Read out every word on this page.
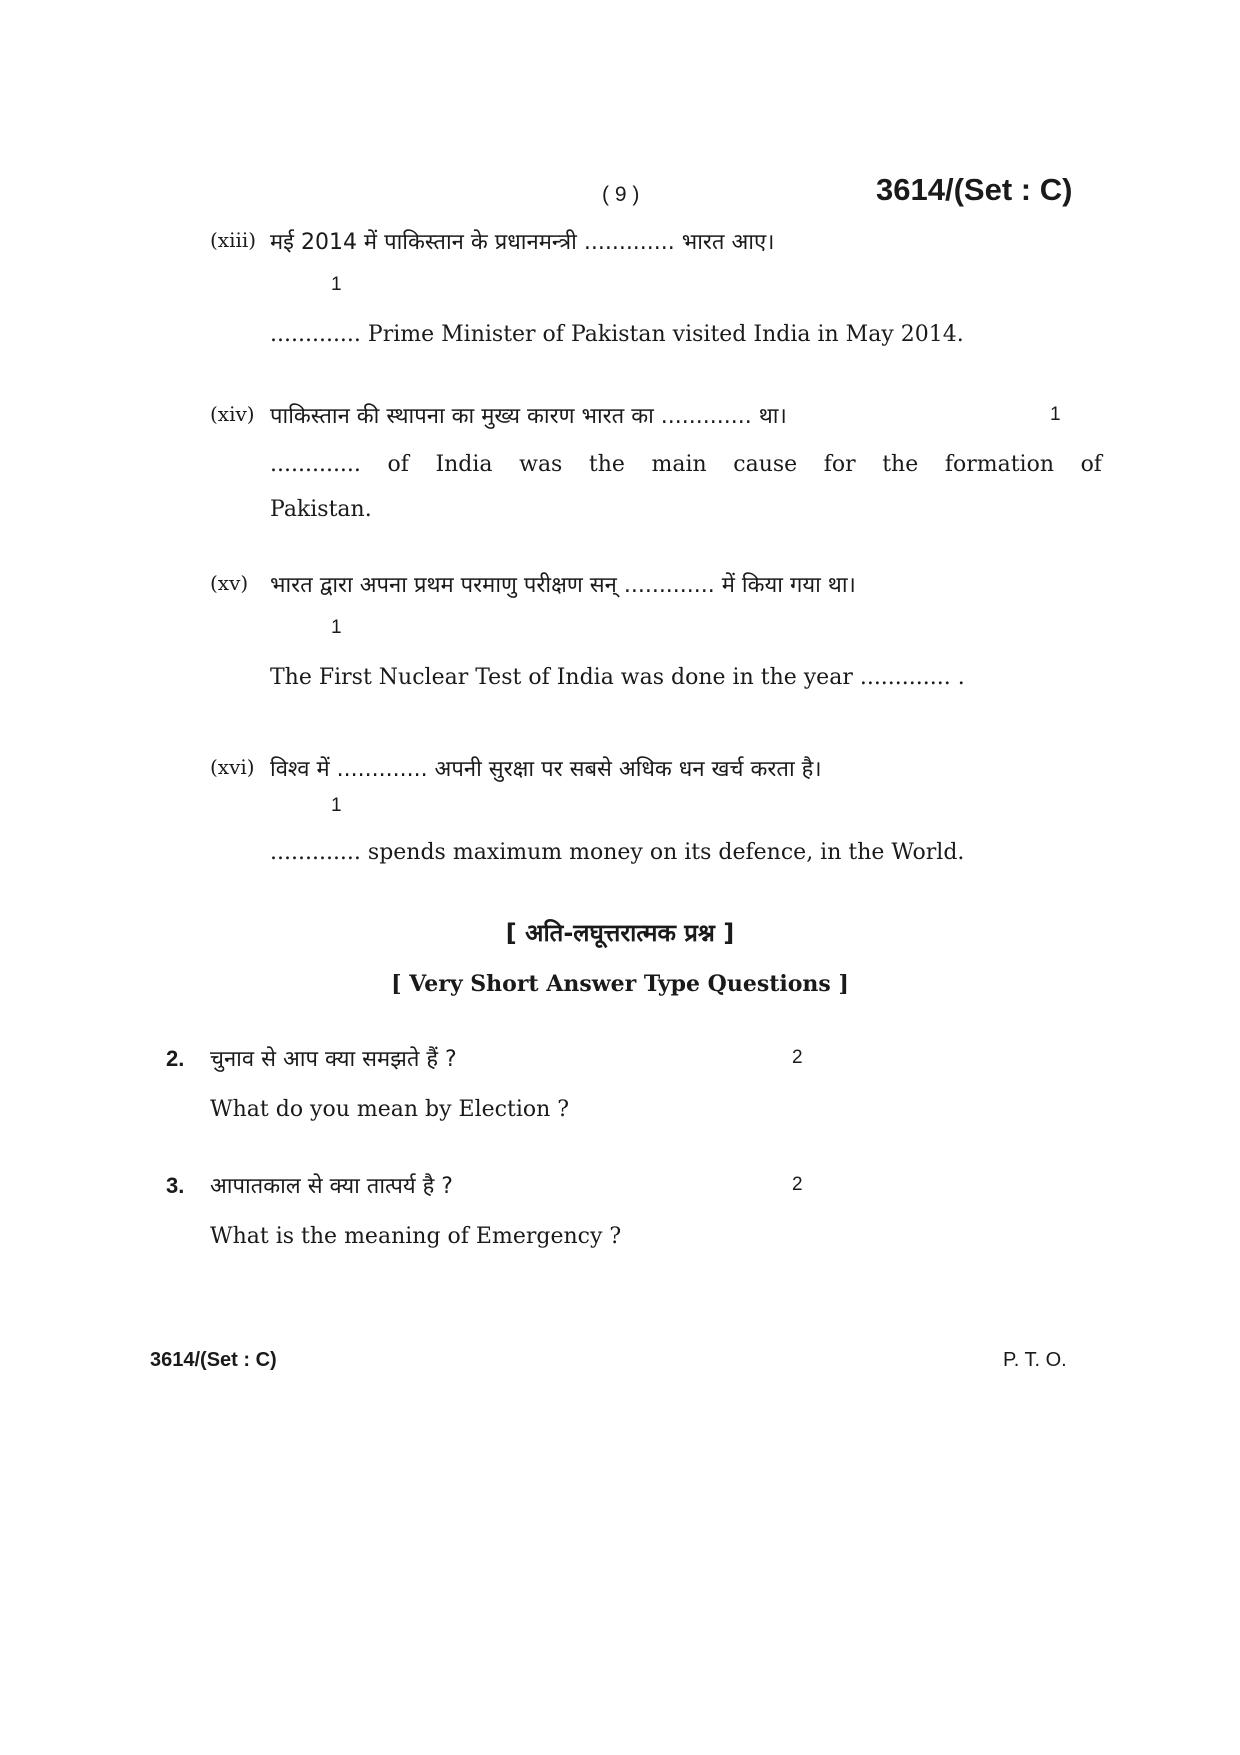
( 9 )	3614/(Set : C)
(xiii) मई 2014 में पाकिस्तान के प्रधानमन्त्री ............. भारत आए।
1
............. Prime Minister of Pakistan visited India in May 2014.
(xiv) पाकिस्तान की स्थापना का मुख्य कारण भारत का ............. था।	1
............. of India was the main cause for the formation of
Pakistan.
(xv) भारत द्वारा अपना प्रथम परमाणु परीक्षण सन् ............. में किया गया था।
1
The First Nuclear Test of India was done in the year ............. .
(xvi) विश्व में ............. अपनी सुरक्षा पर सबसे अधिक धन खर्च करता है।
1
............. spends maximum money on its defence, in the World.
[ अति-लघूत्तरात्मक प्रश्न ]
[ Very Short Answer Type Questions ]
2. चुनाव से आप क्या समझते हैं ?	2
What do you mean by Election ?
3. आपातकाल से क्या तात्पर्य है ?	2
What is the meaning of Emergency ?
3614/(Set : C)	P. T. O.
